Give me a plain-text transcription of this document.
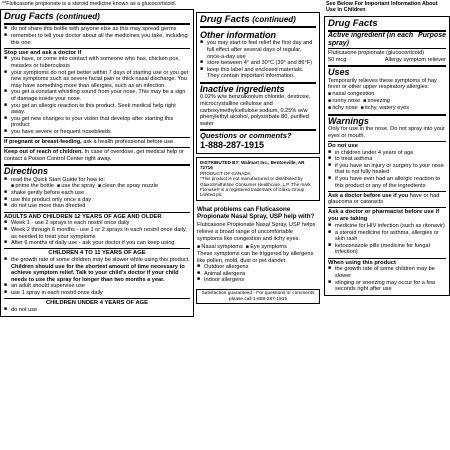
**Fluticasone propionate is a steroid medicine known as a glucocorticoid.
Drug Facts (continued)
■ do not share this bottle with anyone else as this may spread germs
■ remember to tell your doctor about all the medicines you take, including this one
Stop use and ask a doctor if
■ you have, or come into contact with someone who has, chicken pox, measles or tuberculosis
■ your symptoms do not get better within 7 days of starting use or you get new symptoms such as severe facial pain or thick nasal discharge. You may have something more than allergies, such as an infection.
■ you get a constant whistling sound from your nose. This may be a sign of damage inside your nose.
■ you get an allergic reaction to this product. Seek medical help right away.
■ you get new changes to your vision that develop after starting this product
■ you have severe or frequent nosebleeds
If pregnant or breast-feeding, ask a health professional before use.
Keep out of reach of children. In case of overdose, get medical help or contact a Poison Control Center right away.
Directions
■ read the Quick Start Guide for how to:
■ prime the bottle ■ use the spray ■ clean the spray nozzle
■ shake gently before each use
■ use this product only once a day
■ do not use more than directed
ADULTS AND CHILDREN 12 YEARS OF AGE AND OLDER
■ Week 1 - use 2 sprays in each nostril once daily
■ Week 2 through 6 months - use 1 or 2 sprays in each nostril once daily, as needed to treat your symptoms
■ After 6 months of daily use - ask your doctor if you can keep using
CHILDREN 4 TO 11 YEARS OF AGE
■ the growth rate of some children may be slower while using this product. Children should use for the shortest amount of time necessary to achieve symptom relief. Talk to your child's doctor if your child needs to use the spray for longer than two months a year.
■ an adult should supervise use
■ use 1 spray in each nostril once daily
CHILDREN UNDER 4 YEARS OF AGE
■ do not use
Drug Facts (continued)
Other information
■ you may start to feel relief the first day and full effect after several days of regular, once-a-day use
■ store between 4° and 30°C (39° and 86°F)
■ keep this label and enclosed materials. They contain important information.
Inactive ingredients
0.02% w/w benzalkonium chloride, dextrose, microcrystalline cellulose and carboxymethylcellulose sodium, 0.25% w/w phenylethyl alcohol, polysorbate 80, purified water
Questions or comments?
1-888-287-1915
DISTRIBUTED BY: Walmart Inc., Bentonville, AR 72716
PRODUCT OF CANADA
*This product is not manufactured or distributed by GlaxoSmithKline Consumer Healthcare, L.P. The mark Flonase® is a registered trademark of Glaxo Group Limited plc.
What problems can Fluticasone Propionate Nasal Spray, USP help with?
Fluticasone Propionate Nasal Spray, USP helps relieve a broad range of uncomfortable symptoms like congestion and itchy eyes.
■ Nasal symptoms ■ Eye symptoms
These symptoms can be triggered by allergens like pollen, mold, dust or pet dander.
■ Outdoor allergens
■ Animal allergens
■ Indoor allergens
Satisfaction guaranteed - For questions or comments please call 1-888-287-1915
See Below For Important Information About Use In Children
Drug Facts
Active ingredient (in each spray)
Purpose
Fluticasone propionate (glucocorticoid)
50 mcg	Allergy symptom reliever
Uses
Temporarily relieves these symptoms of hay fever or other upper respiratory allergies:
■ nasal congestion
■ runny nose ■ sneezing
■ itchy nose ■ itchy, watery eyes
Warnings
Only for use in the nose. Do not spray into your eyes or mouth.
Do not use
■ in children under 4 years of age
■ to treat asthma
■ if you have an injury or surgery to your nose that is not fully healed
■ if you have ever had an allergic reaction to this product or any of the ingredients
Ask a doctor before use if you have or had glaucoma or cataracts
Ask a doctor or pharmacist before use if you are taking
■ medicine for HIV infection (such as ritonavir)
■ a steroid medicine for asthma, allergies or skin rash
■ ketoconazole pills (medicine for fungal infection)
When using this product
■ the growth rate of some children may be slower
■ stinging or sneezing may occur for a few seconds right after use
